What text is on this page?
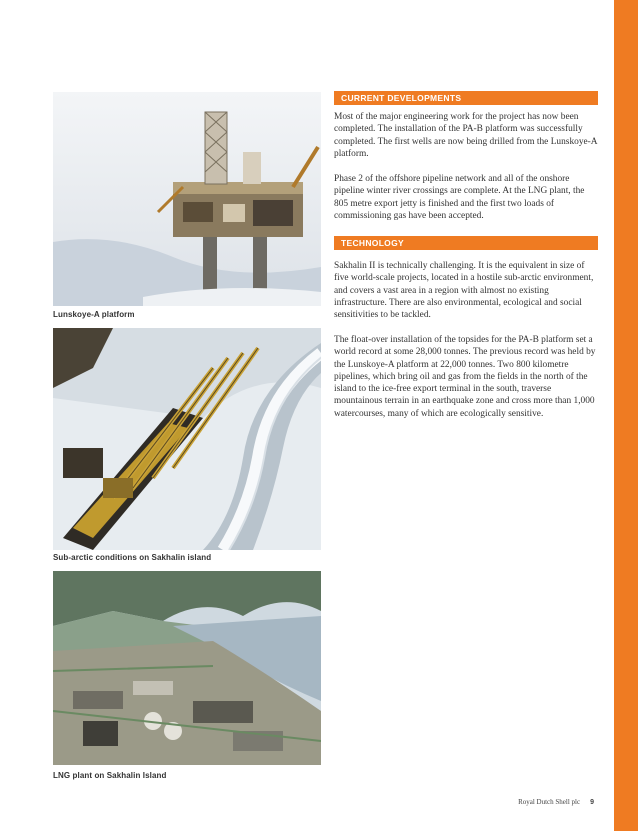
Lunskoye-A platform
Sub-arctic conditions on Sakhalin island
LNG plant on Sakhalin Island
CURRENT DEVELOPMENTS

Most of the major engineering work for the project has now been completed. The installation of the PA-B platform was successfully completed. The first wells are now being drilled from the Lunskoye-A platform.

Phase 2 of the offshore pipeline network and all of the onshore pipeline winter river crossings are complete. At the LNG plant, the 805 metre export jetty is finished and the first two loads of commissioning gas have been accepted.

TECHNOLOGY

Sakhalin II is technically challenging. It is the equivalent in size of five world-scale projects, located in a hostile sub-arctic environment, and covers a vast area in a region with almost no existing infrastructure. There are also environmental, ecological and social sensitivities to be tackled.

The float-over installation of the topsides for the PA-B platform set a world record at some 28,000 tonnes. The previous record was held by the Lunskoye-A platform at 22,000 tonnes. Two 800 kilometre pipelines, which bring oil and gas from the fields in the north of the island to the ice-free export terminal in the south, traverse mountainous terrain in an earthquake zone and cross more than 1,000 watercourses, many of which are ecologically sensitive.

Royal Dutch Shell plc 9
